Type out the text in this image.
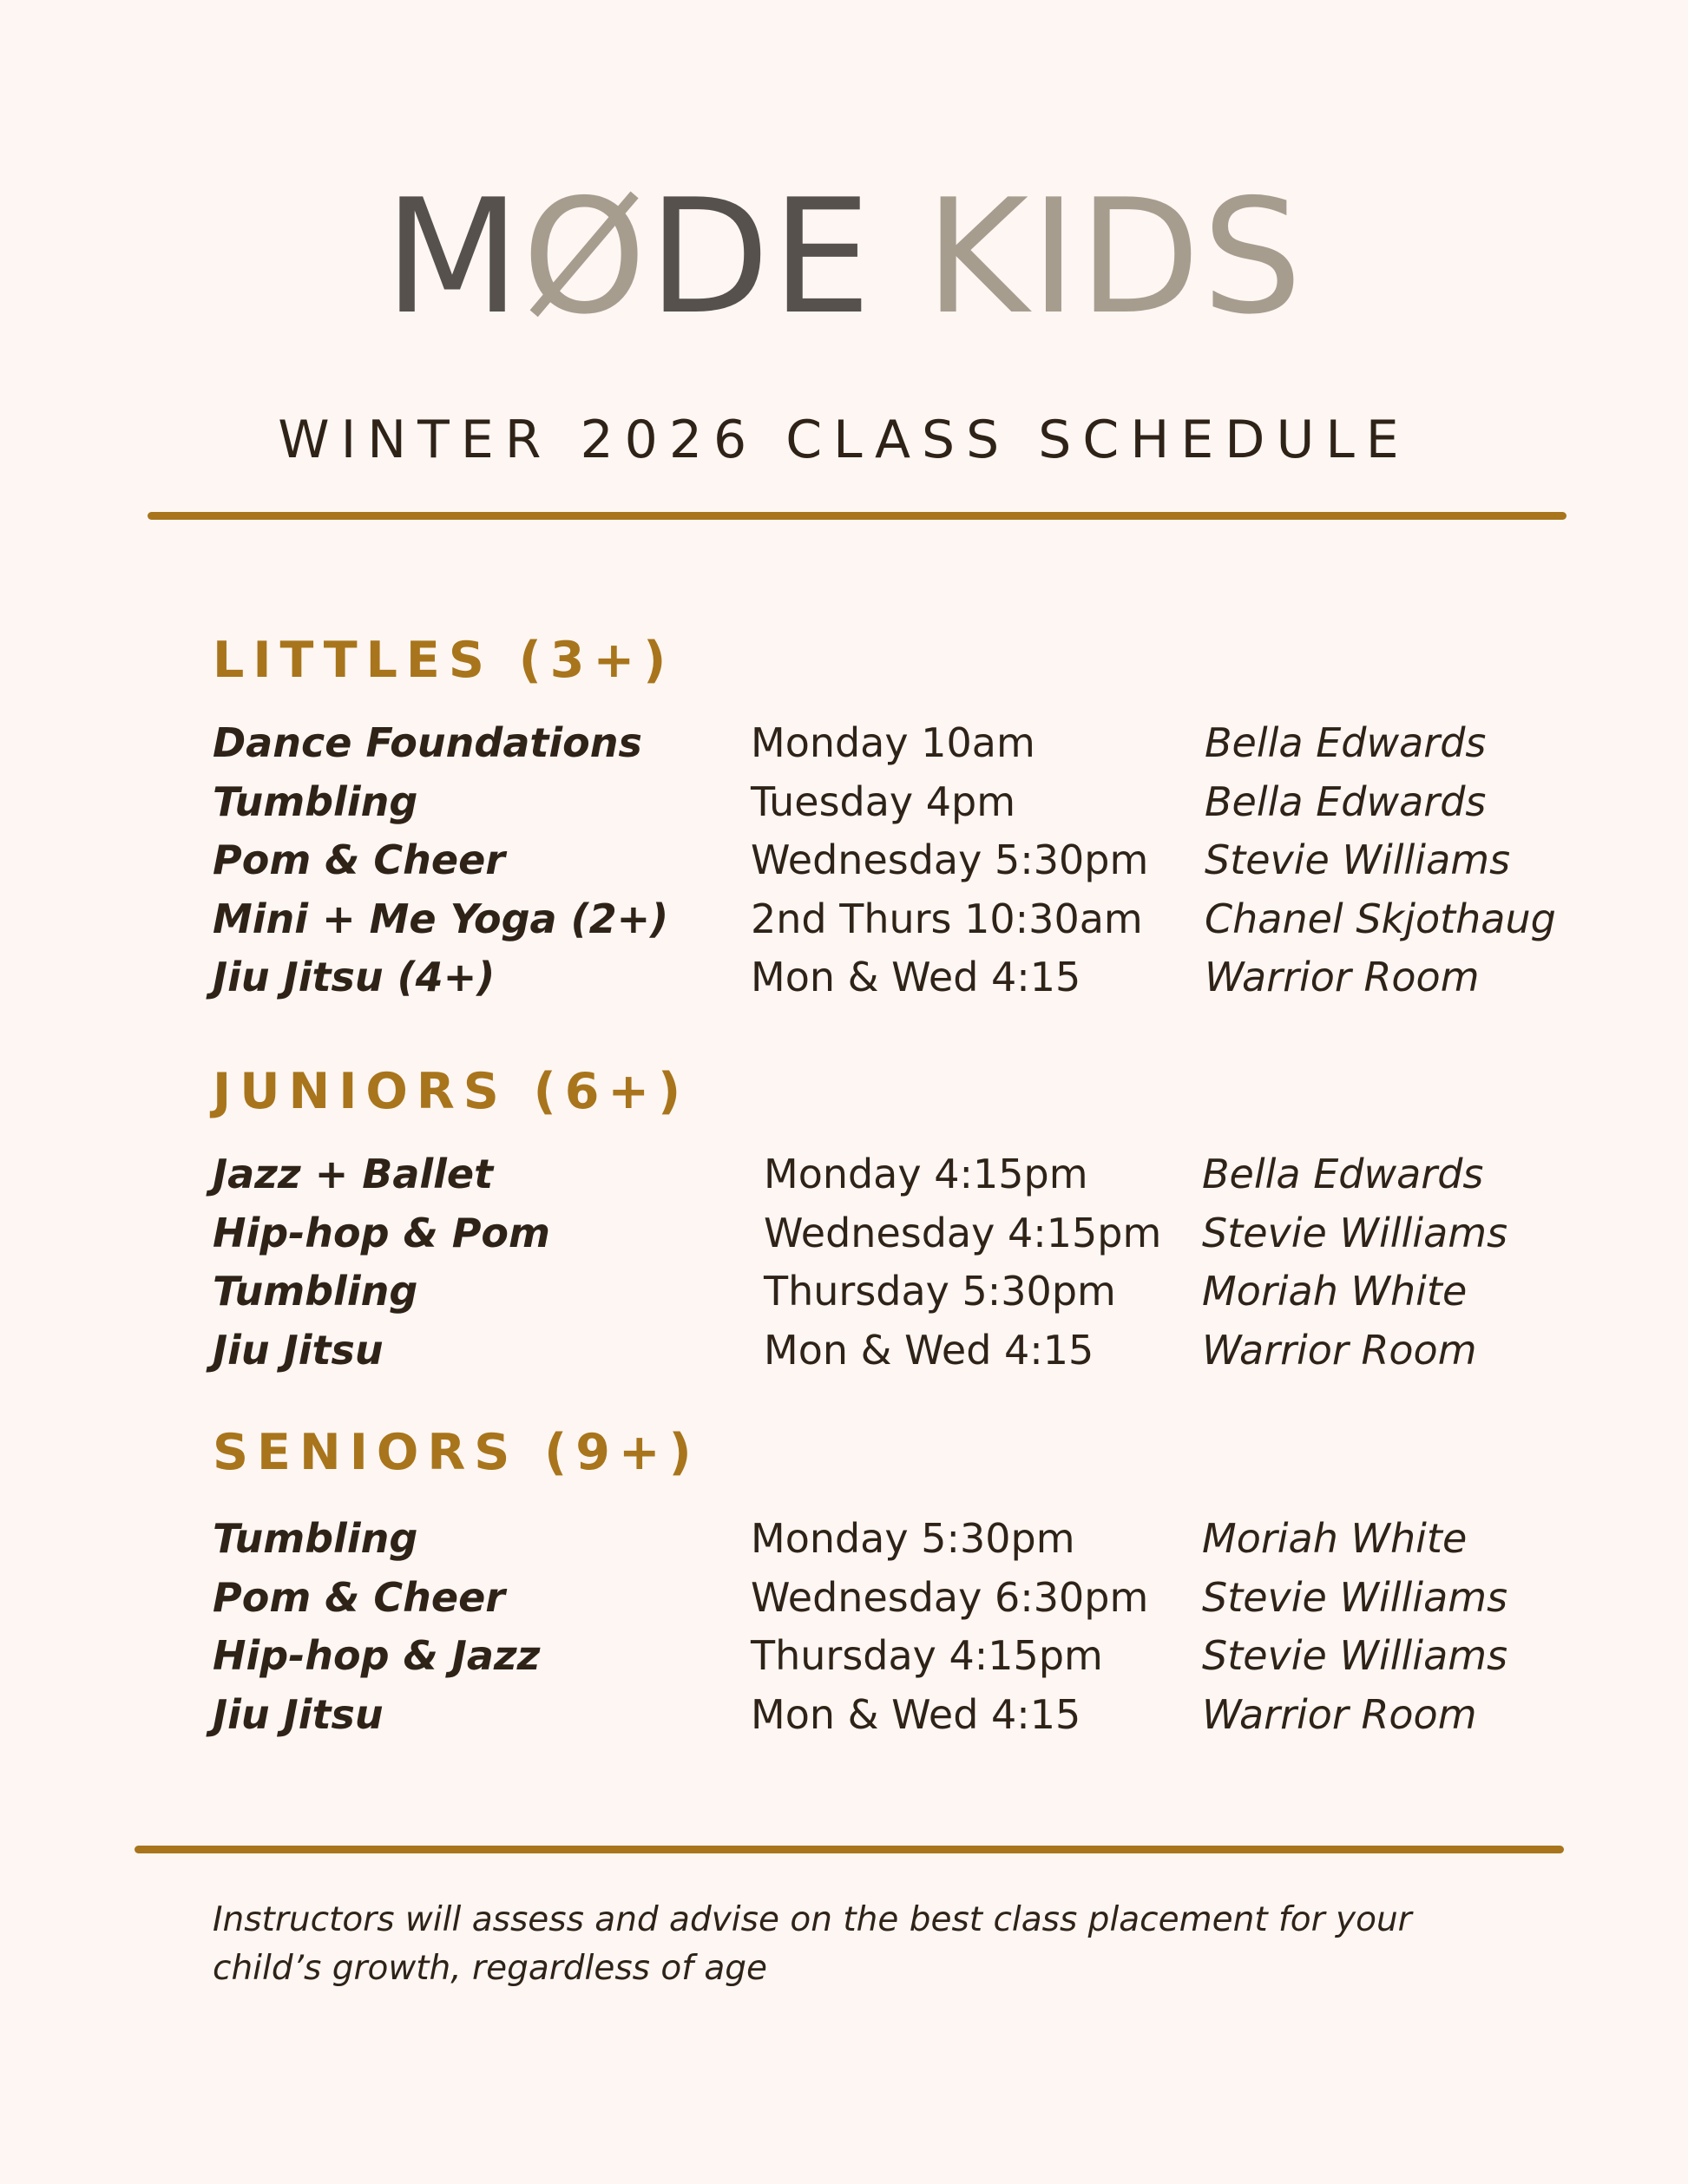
MØDE KIDS
WINTER 2026 CLASS SCHEDULE
LITTLES (3+)
Dance Foundations	Monday 10am	Bella Edwards
Tumbling	Tuesday 4pm	Bella Edwards
Pom & Cheer	Wednesday 5:30pm Stevie Williams
Mini + Me Yoga (2+) 2nd Thurs 10:30am Chanel Skjothaug
Jiu Jitsu (4+)	Mon & Wed 4:15	Warrior Room
JUNIORS (6+)
Jazz + Ballet	Monday 4:15pm	Bella Edwards
Hip-hop & Pom	Wednesday 4:15pm Stevie Williams
Tumbling	Thursday 5:30pm Moriah White
Jiu Jitsu	Mon & Wed 4:15	Warrior Room
SENIORS (9+)
Tumbling	Monday 5:30pm	Moriah White
Pom & Cheer	Wednesday 6:30pm Stevie Williams
Hip-hop & Jazz	Thursday 4:15pm Stevie Williams
Jiu Jitsu	Mon & Wed 4:15	Warrior Room
Instructors will assess and advise on the best class placement for your child’s growth, regardless of age
